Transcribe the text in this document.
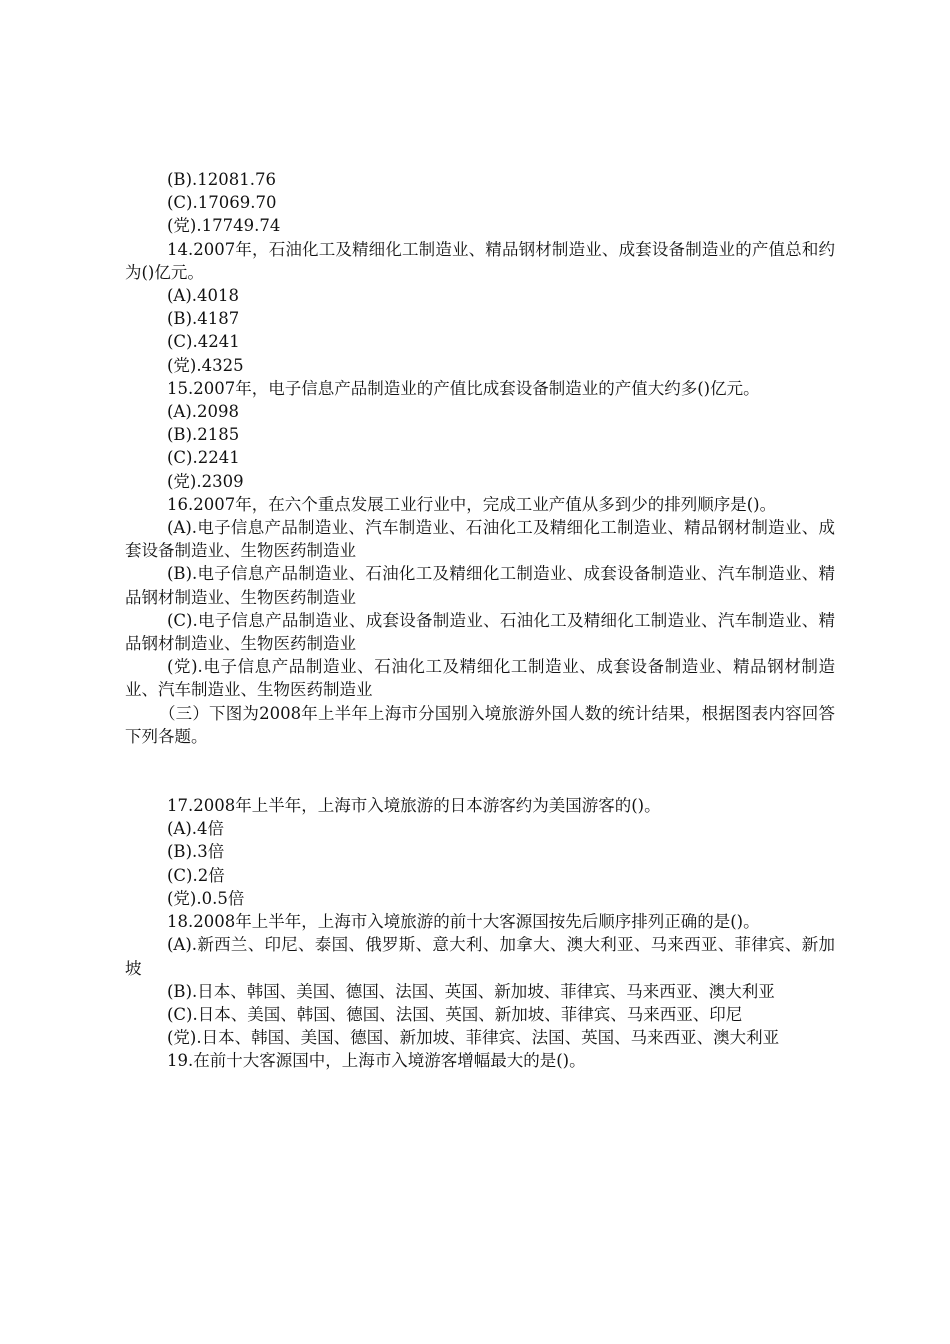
(B).12081.76
(C).17069.70
(党).17749.74
14.2007年，石油化工及精细化工制造业、精品钢材制造业、成套设备制造业的产值总和约为()亿元。
(A).4018
(B).4187
(C).4241
(党).4325
15.2007年，电子信息产品制造业的产值比成套设备制造业的产值大约多()亿元。
(A).2098
(B).2185
(C).2241
(党).2309
16.2007年，在六个重点发展工业行业中，完成工业产值从多到少的排列顺序是()。
(A).电子信息产品制造业、汽车制造业、石油化工及精细化工制造业、精品钢材制造业、成套设备制造业、生物医药制造业
(B).电子信息产品制造业、石油化工及精细化工制造业、成套设备制造业、汽车制造业、精品钢材制造业、生物医药制造业
(C).电子信息产品制造业、成套设备制造业、石油化工及精细化工制造业、汽车制造业、精品钢材制造业、生物医药制造业
(党).电子信息产品制造业、石油化工及精细化工制造业、成套设备制造业、精品钢材制造业、汽车制造业、生物医药制造业
（三）下图为2008年上半年上海市分国别入境旅游外国人数的统计结果，根据图表内容回答下列各题。
17.2008年上半年，上海市入境旅游的日本游客约为美国游客的()。
(A).4倍
(B).3倍
(C).2倍
(党).0.5倍
18.2008年上半年，上海市入境旅游的前十大客源国按先后顺序排列正确的是()。
(A).新西兰、印尼、泰国、俄罗斯、意大利、加拿大、澳大利亚、马来西亚、菲律宾、新加坡
(B).日本、韩国、美国、德国、法国、英国、新加坡、菲律宾、马来西亚、澳大利亚
(C).日本、美国、韩国、德国、法国、英国、新加坡、菲律宾、马来西亚、印尼
(党).日本、韩国、美国、德国、新加坡、菲律宾、法国、英国、马来西亚、澳大利亚
19.在前十大客源国中，上海市入境游客增幅最大的是()。
